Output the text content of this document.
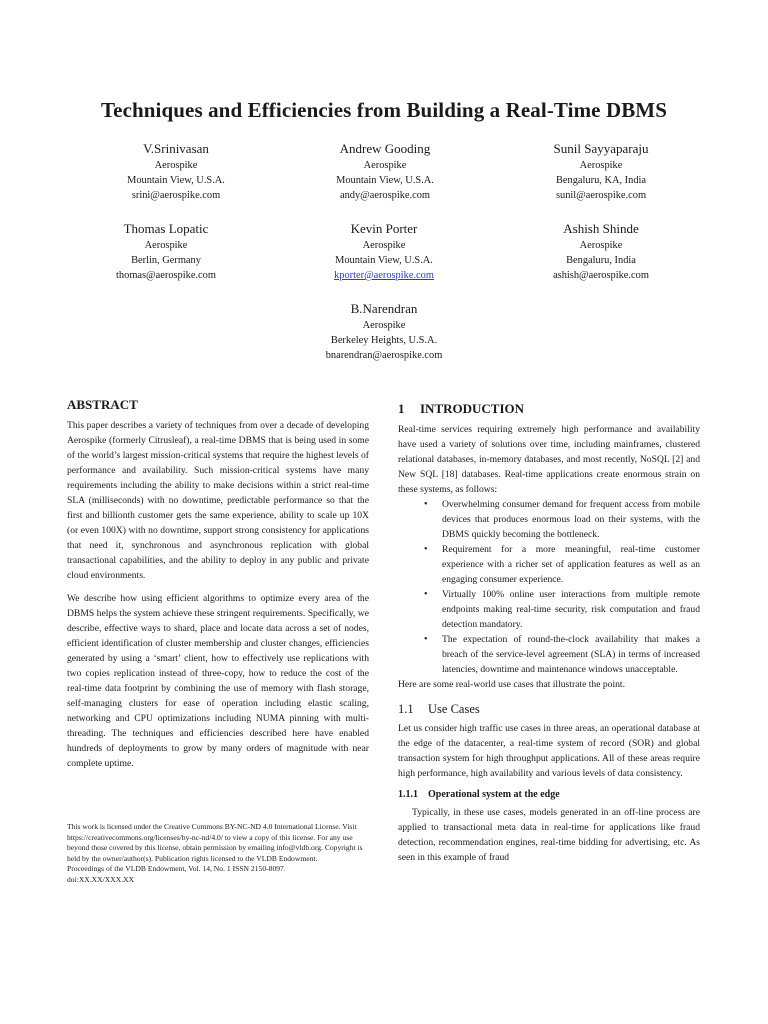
Techniques and Efficiencies from Building a Real-Time DBMS
V.Srinivasan
Aerospike
Mountain View, U.S.A.
srini@aerospike.com
Andrew Gooding
Aerospike
Mountain View, U.S.A.
andy@aerospike.com
Sunil Sayyaparaju
Aerospike
Bengaluru, KA, India
sunil@aerospike.com
Thomas Lopatic
Aerospike
Berlin, Germany
thomas@aerospike.com
Kevin Porter
Aerospike
Mountain View, U.S.A.
kporter@aerospike.com
Ashish Shinde
Aerospike
Bengaluru, India
ashish@aerospike.com
B.Narendran
Aerospike
Berkeley Heights, U.S.A.
bnarendran@aerospike.com
ABSTRACT

This paper describes a variety of techniques from over a decade of developing Aerospike (formerly Citrusleaf), a real-time DBMS that is being used in some of the world’s largest mission-critical systems that require the highest levels of performance and availability. Such mission-critical systems have many requirements including the ability to make decisions within a strict real-time SLA (milliseconds) with no downtime, predictable performance so that the first and billionth customer gets the same experience, ability to scale up 10X (or even 100X) with no downtime, support strong consistency for applications that need it, synchronous and asynchronous replication with global transactional capabilities, and the ability to deploy in any public and private cloud environments.

We describe how using efficient algorithms to optimize every area of the DBMS helps the system achieve these stringent requirements. Specifically, we describe, effective ways to shard, place and locate data across a set of nodes, efficient identification of cluster membership and cluster changes, efficiencies generated by using a ‘smart’ client, how to effectively use replications with two copies replication instead of three-copy, how to reduce the cost of the real-time data footprint by combining the use of memory with flash storage, self-managing clusters for ease of operation including elastic scaling, networking and CPU optimizations including NUMA pinning with multi-threading. The techniques and efficiencies described here have enabled hundreds of deployments to grow by many orders of magnitude with near complete uptime.

This work is licensed under the Creative Commons BY-NC-ND 4.0 International License. Visit https://creativecommons.org/licenses/by-nc-nd/4.0/ to view a copy of this license. For any use beyond those covered by this license, obtain permission by emailing info@vldb.org. Copyright is held by the owner/author(s). Publication rights licensed to the VLDB Endowment.

Proceedings of the VLDB Endowment, Vol. 14, No. 1 ISSN 2150-8097.

doi:XX.XX/XXX.XX

1 INTRODUCTION

Real-time services requiring extremely high performance and availability have used a variety of solutions over time, including mainframes, clustered relational databases, in-memory databases, and most recently, NoSQL [2] and New SQL [18] databases. Real-time applications create enormous strain on these systems, as follows:

• Overwhelming consumer demand for frequent access from mobile devices that produces enormous load on their systems, with the DBMS quickly becoming the bottleneck.
• Requirement for a more meaningful, real-time customer experience with a richer set of application features as well as an engaging consumer experience.
• Virtually 100% online user interactions from multiple remote endpoints making real-time security, risk computation and fraud detection mandatory.
• The expectation of round-the-clock availability that makes a breach of the service-level agreement (SLA) in terms of increased latencies, downtime and maintenance windows unacceptable.

Here are some real-world use cases that illustrate the point.

1.1 Use Cases

Let us consider high traffic use cases in three areas, an operational database at the edge of the datacenter, a real-time system of record (SOR) and global transaction system for high throughput applications. All of these areas require high performance, high availability and various levels of data consistency.

1.1.1 Operational system at the edge

Typically, in these use cases, models generated in an off-line process are applied to transactional meta data in real-time for applications like fraud detection, recommendation engines, real-time bidding for advertising, etc. As seen in this example of fraud
